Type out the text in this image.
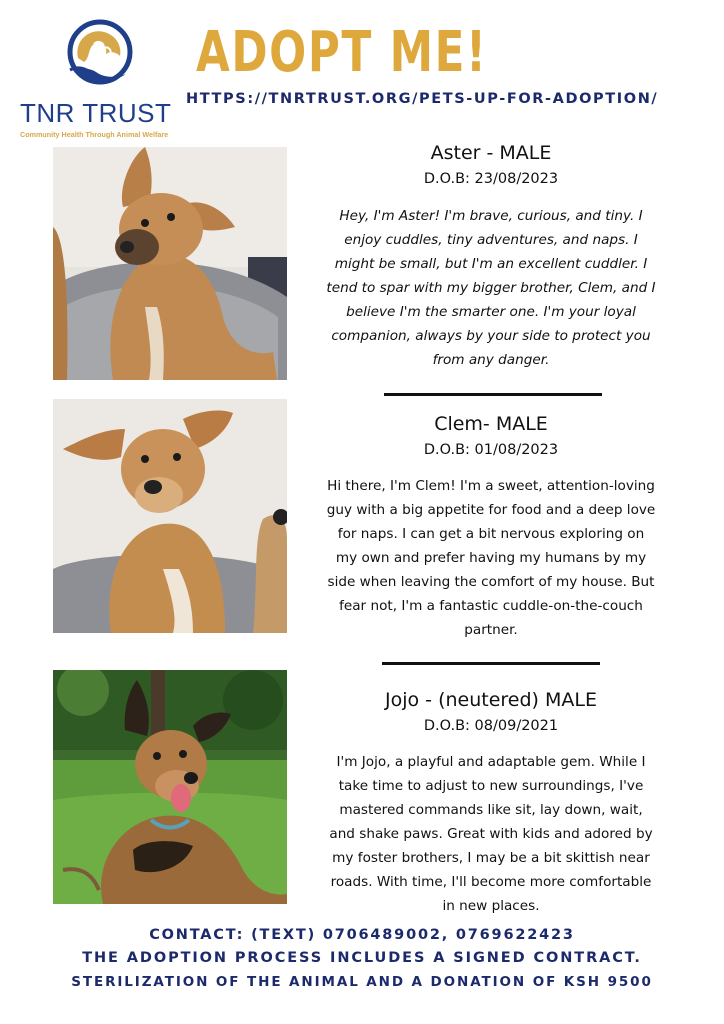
TNR TRUST
Community Health Through Animal Welfare
ADOPT ME!
HTTPS://TNRTRUST.ORG/PETS-UP-FOR-ADOPTION/
Aster - MALE
D.O.B: 23/08/2023
Hey, I'm Aster! I'm brave, curious, and tiny. I enjoy cuddles, tiny adventures, and naps. I might be small, but I'm an excellent cuddler. I tend to spar with my bigger brother, Clem, and I believe I'm the smarter one. I'm your loyal companion, always by your side to protect you from any danger.
Clem- MALE
D.O.B: 01/08/2023
Hi there, I'm Clem! I'm a sweet, attention-loving guy with a big appetite for food and a deep love for naps. I can get a bit nervous exploring on my own and prefer having my humans by my side when leaving the comfort of my house. But fear not, I'm a fantastic cuddle-on-the-couch partner.
Jojo - (neutered) MALE
D.O.B: 08/09/2021
I'm Jojo, a playful and adaptable gem. While I take time to adjust to new surroundings, I've mastered commands like sit, lay down, wait, and shake paws. Great with kids and adored by my foster brothers, I may be a bit skittish near roads. With time, I'll become more comfortable in new places.
CONTACT: (TEXT) 0706489002, 0769622423
THE ADOPTION PROCESS INCLUDES A SIGNED CONTRACT.
STERILIZATION OF THE ANIMAL AND A DONATION OF KSH 9500
